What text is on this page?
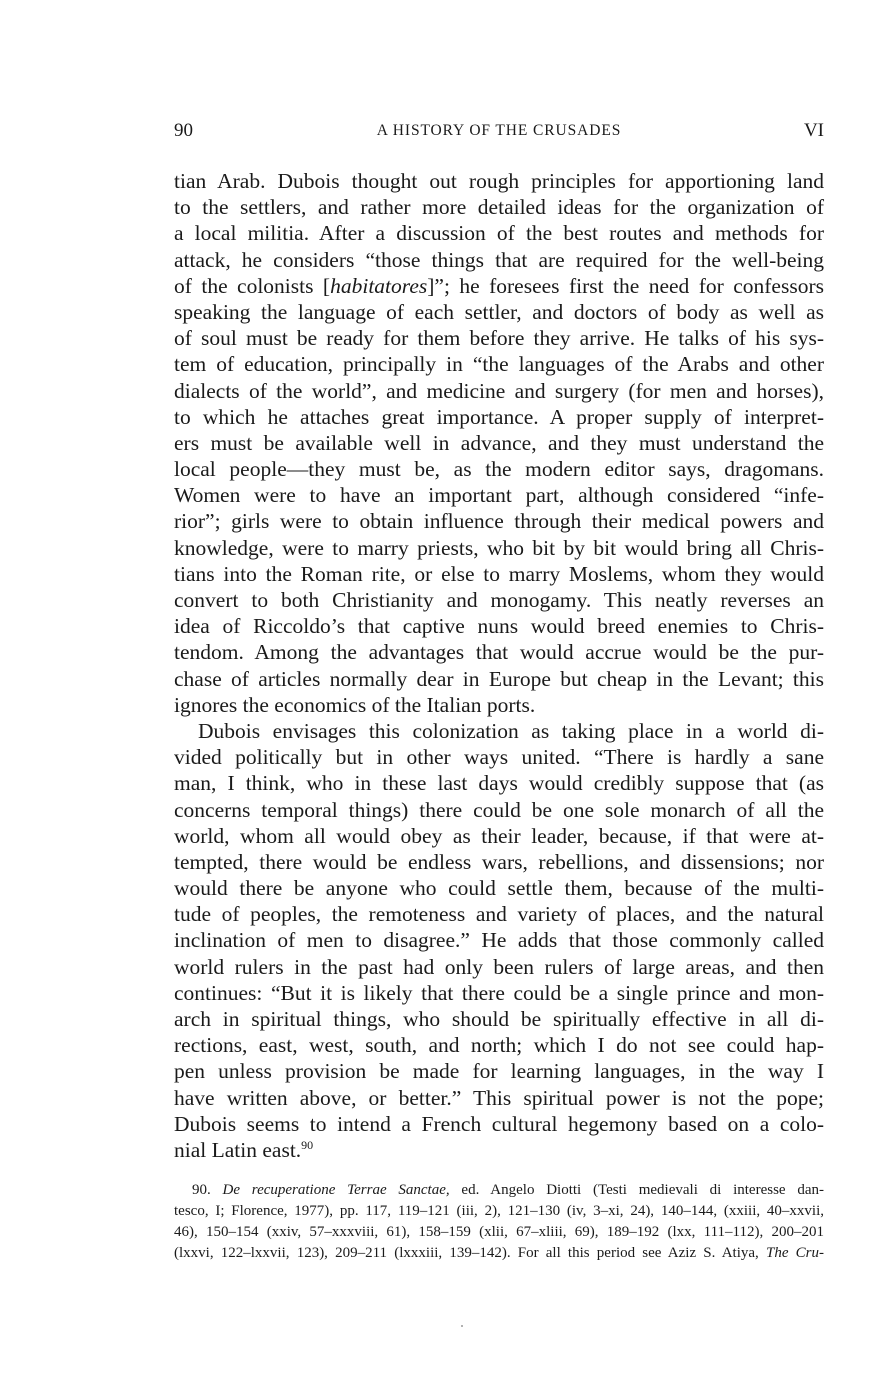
90	A HISTORY OF THE CRUSADES	VI
tian Arab. Dubois thought out rough principles for apportioning land
to the settlers, and rather more detailed ideas for the organization of
a local militia. After a discussion of the best routes and methods for
attack, he considers “those things that are required for the well-being
of the colonists [habitatores]”; he foresees first the need for confessors
speaking the language of each settler, and doctors of body as well as
of soul must be ready for them before they arrive. He talks of his sys-
tem of education, principally in “the languages of the Arabs and other
dialects of the world”, and medicine and surgery (for men and horses),
to which he attaches great importance. A proper supply of interpret-
ers must be available well in advance, and they must understand the
local people—they must be, as the modern editor says, dragomans.
Women were to have an important part, although considered “infe-
rior”; girls were to obtain influence through their medical powers and
knowledge, were to marry priests, who bit by bit would bring all Chris-
tians into the Roman rite, or else to marry Moslems, whom they would
convert to both Christianity and monogamy. This neatly reverses an
idea of Riccoldo’s that captive nuns would breed enemies to Chris-
tendom. Among the advantages that would accrue would be the pur-
chase of articles normally dear in Europe but cheap in the Levant; this
ignores the economics of the Italian ports.
Dubois envisages this colonization as taking place in a world di-
vided politically but in other ways united. “There is hardly a sane
man, I think, who in these last days would credibly suppose that (as
concerns temporal things) there could be one sole monarch of all the
world, whom all would obey as their leader, because, if that were at-
tempted, there would be endless wars, rebellions, and dissensions; nor
would there be anyone who could settle them, because of the multi-
tude of peoples, the remoteness and variety of places, and the natural
inclination of men to disagree.” He adds that those commonly called
world rulers in the past had only been rulers of large areas, and then
continues: “But it is likely that there could be a single prince and mon-
arch in spiritual things, who should be spiritually effective in all di-
rections, east, west, south, and north; which I do not see could hap-
pen unless provision be made for learning languages, in the way I
have written above, or better.” This spiritual power is not the pope;
Dubois seems to intend a French cultural hegemony based on a colo-
nial Latin east.$^{90}$
90. De recuperatione Terrae Sanctae, ed. Angelo Diotti (Testi medievali di interesse dan-
tesco, I; Florence, 1977), pp. 117, 119–121 (iii, 2), 121–130 (iv, 3–xi, 24), 140–144, (xxiii, 40–xxvii,
46), 150–154 (xxiv, 57–xxxviii, 61), 158–159 (xlii, 67–xliii, 69), 189–192 (lxx, 111–112), 200–201
(lxxvi, 122–lxxvii, 123), 209–211 (lxxxiii, 139–142). For all this period see Aziz S. Atiya, The Cru-
